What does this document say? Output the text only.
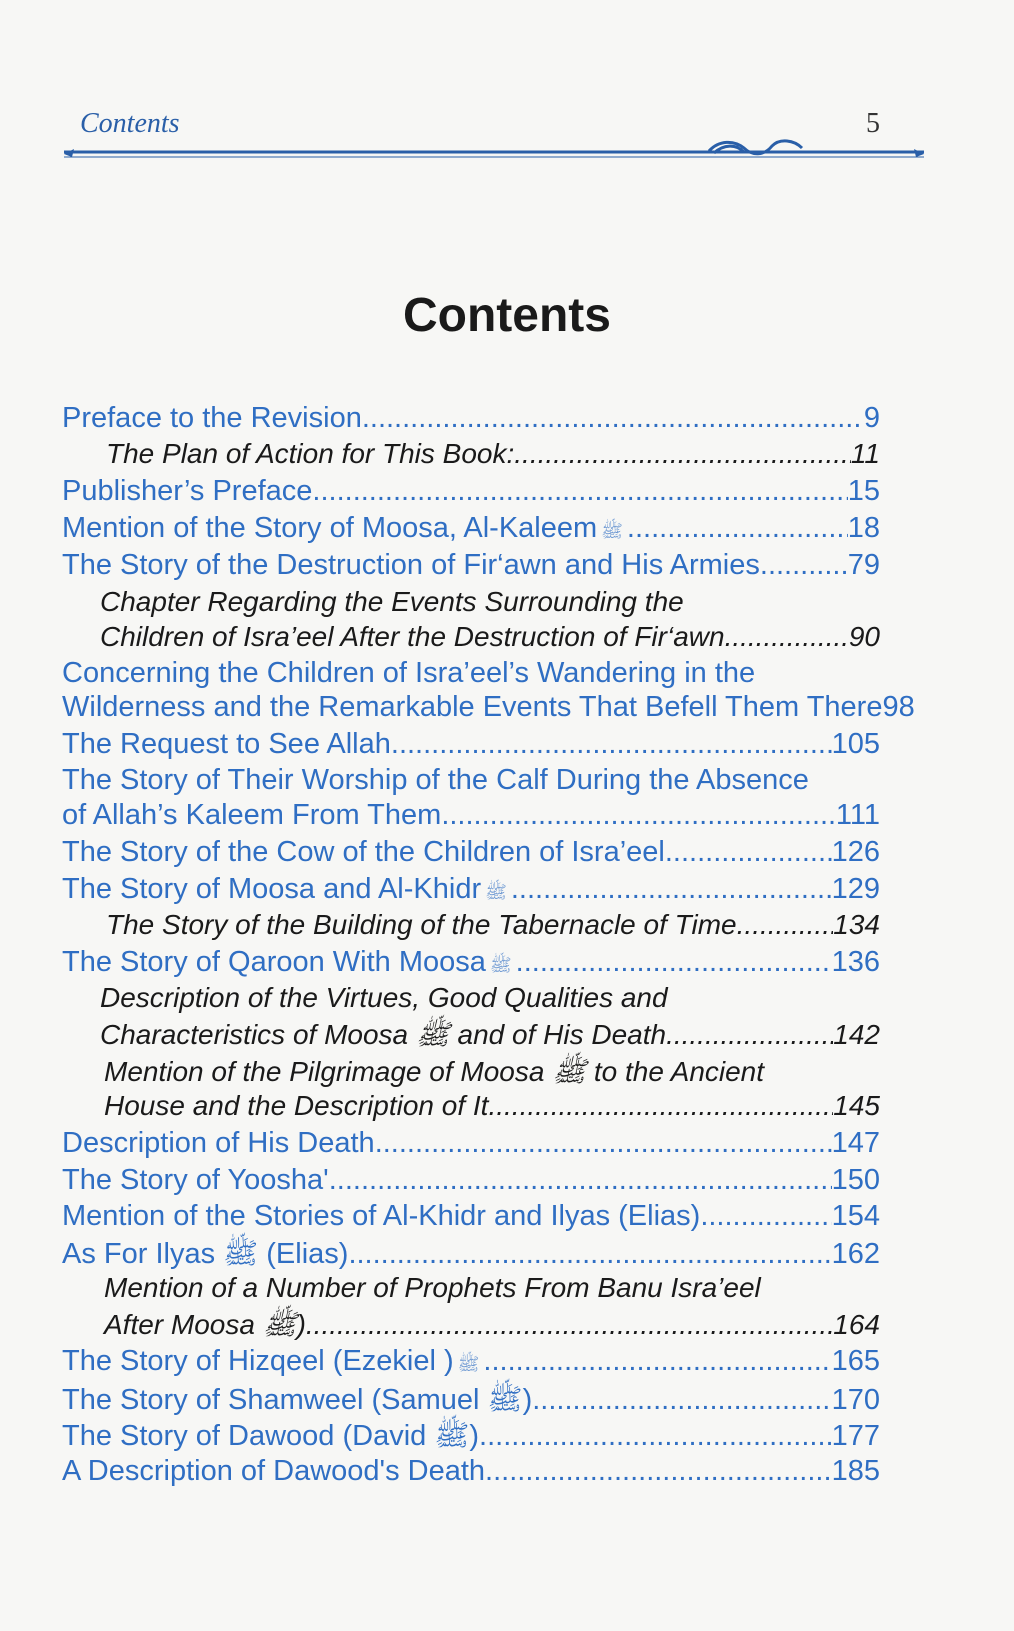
Contents	5
Contents
Preface to the Revision .....	9
The Plan of Action for This Book: .....	11
Publisher’s Preface .....	15
Mention of the Story of Moosa, Al-Kaleem ﷺ .....	18
The Story of the Destruction of Fir‘awn and His Armies .....	79
Chapter Regarding the Events Surrounding the
Children of Isra’eel After the Destruction of Fir‘awn .....	90
Concerning the Children of Isra’eel’s Wandering in the
Wilderness and the Remarkable Events That Befell Them There 98
The Request to See Allah .....	105
The Story of Their Worship of the Calf During the Absence
of Allah’s Kaleem From Them .....	111
The Story of the Cow of the Children of Isra’eel .....	126
The Story of Moosa and Al-Khidr ﷺ .....	129
The Story of the Building of the Tabernacle of Time .....	134
The Story of Qaroon With Moosa ﷺ .....	136
Description of the Virtues, Good Qualities and
Characteristics of Moosa ﷺ and of His Death .....	142
Mention of the Pilgrimage of Moosa ﷺ to the Ancient
House and the Description of It .....	145
Description of His Death .....	147
The Story of Yoosha' .....	150
Mention of the Stories of Al-Khidr and Ilyas (Elias) .....	154
As For Ilyas ﷺ (Elias) .....	162
Mention of a Number of Prophets From Banu Isra’eel
After Moosa ﷺ) .....	164
The Story of Hizqeel (Ezekiel ) ﷺ .....	165
The Story of Shamweel (Samuel ﷺ) .....	170
The Story of Dawood (David ﷺ) .....	177
A Description of Dawood's Death .....	185
